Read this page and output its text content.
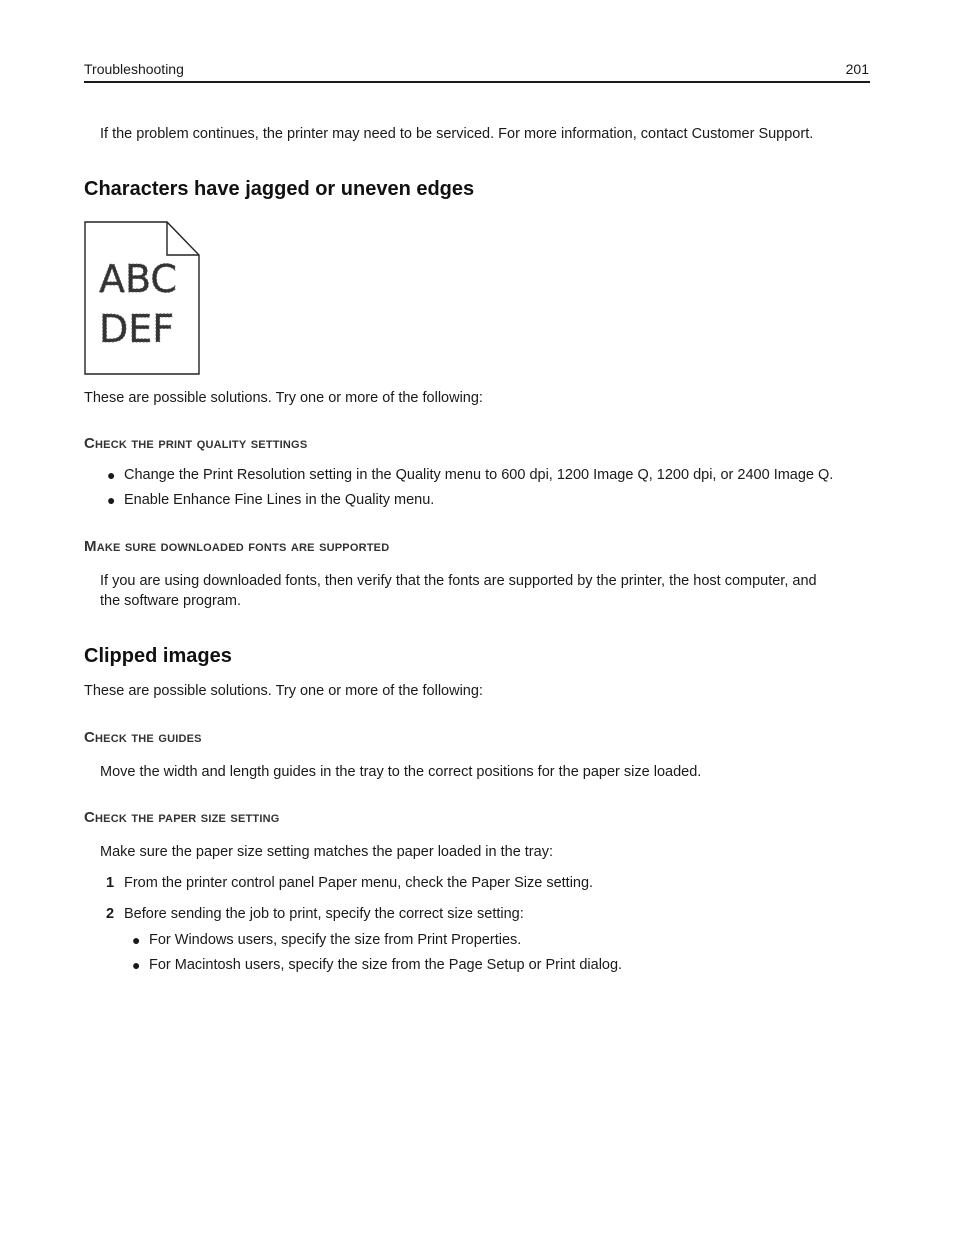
Troubleshooting	201
If the problem continues, the printer may need to be serviced. For more information, contact Customer Support.
Characters have jagged or uneven edges
ABC
DEF
These are possible solutions. Try one or more of the following:
Check the print quality settings
● Change the Print Resolution setting in the Quality menu to 600 dpi, 1200 Image Q, 1200 dpi, or 2400 Image Q.
● Enable Enhance Fine Lines in the Quality menu.
Make sure downloaded fonts are supported
If you are using downloaded fonts, then verify that the fonts are supported by the printer, the host computer, and
the software program.
Clipped images
These are possible solutions. Try one or more of the following:
Check the guides
Move the width and length guides in the tray to the correct positions for the paper size loaded.
Check the paper size setting
Make sure the paper size setting matches the paper loaded in the tray:
1 From the printer control panel Paper menu, check the Paper Size setting.
2 Before sending the job to print, specify the correct size setting:
● For Windows users, specify the size from Print Properties.
● For Macintosh users, specify the size from the Page Setup or Print dialog.
